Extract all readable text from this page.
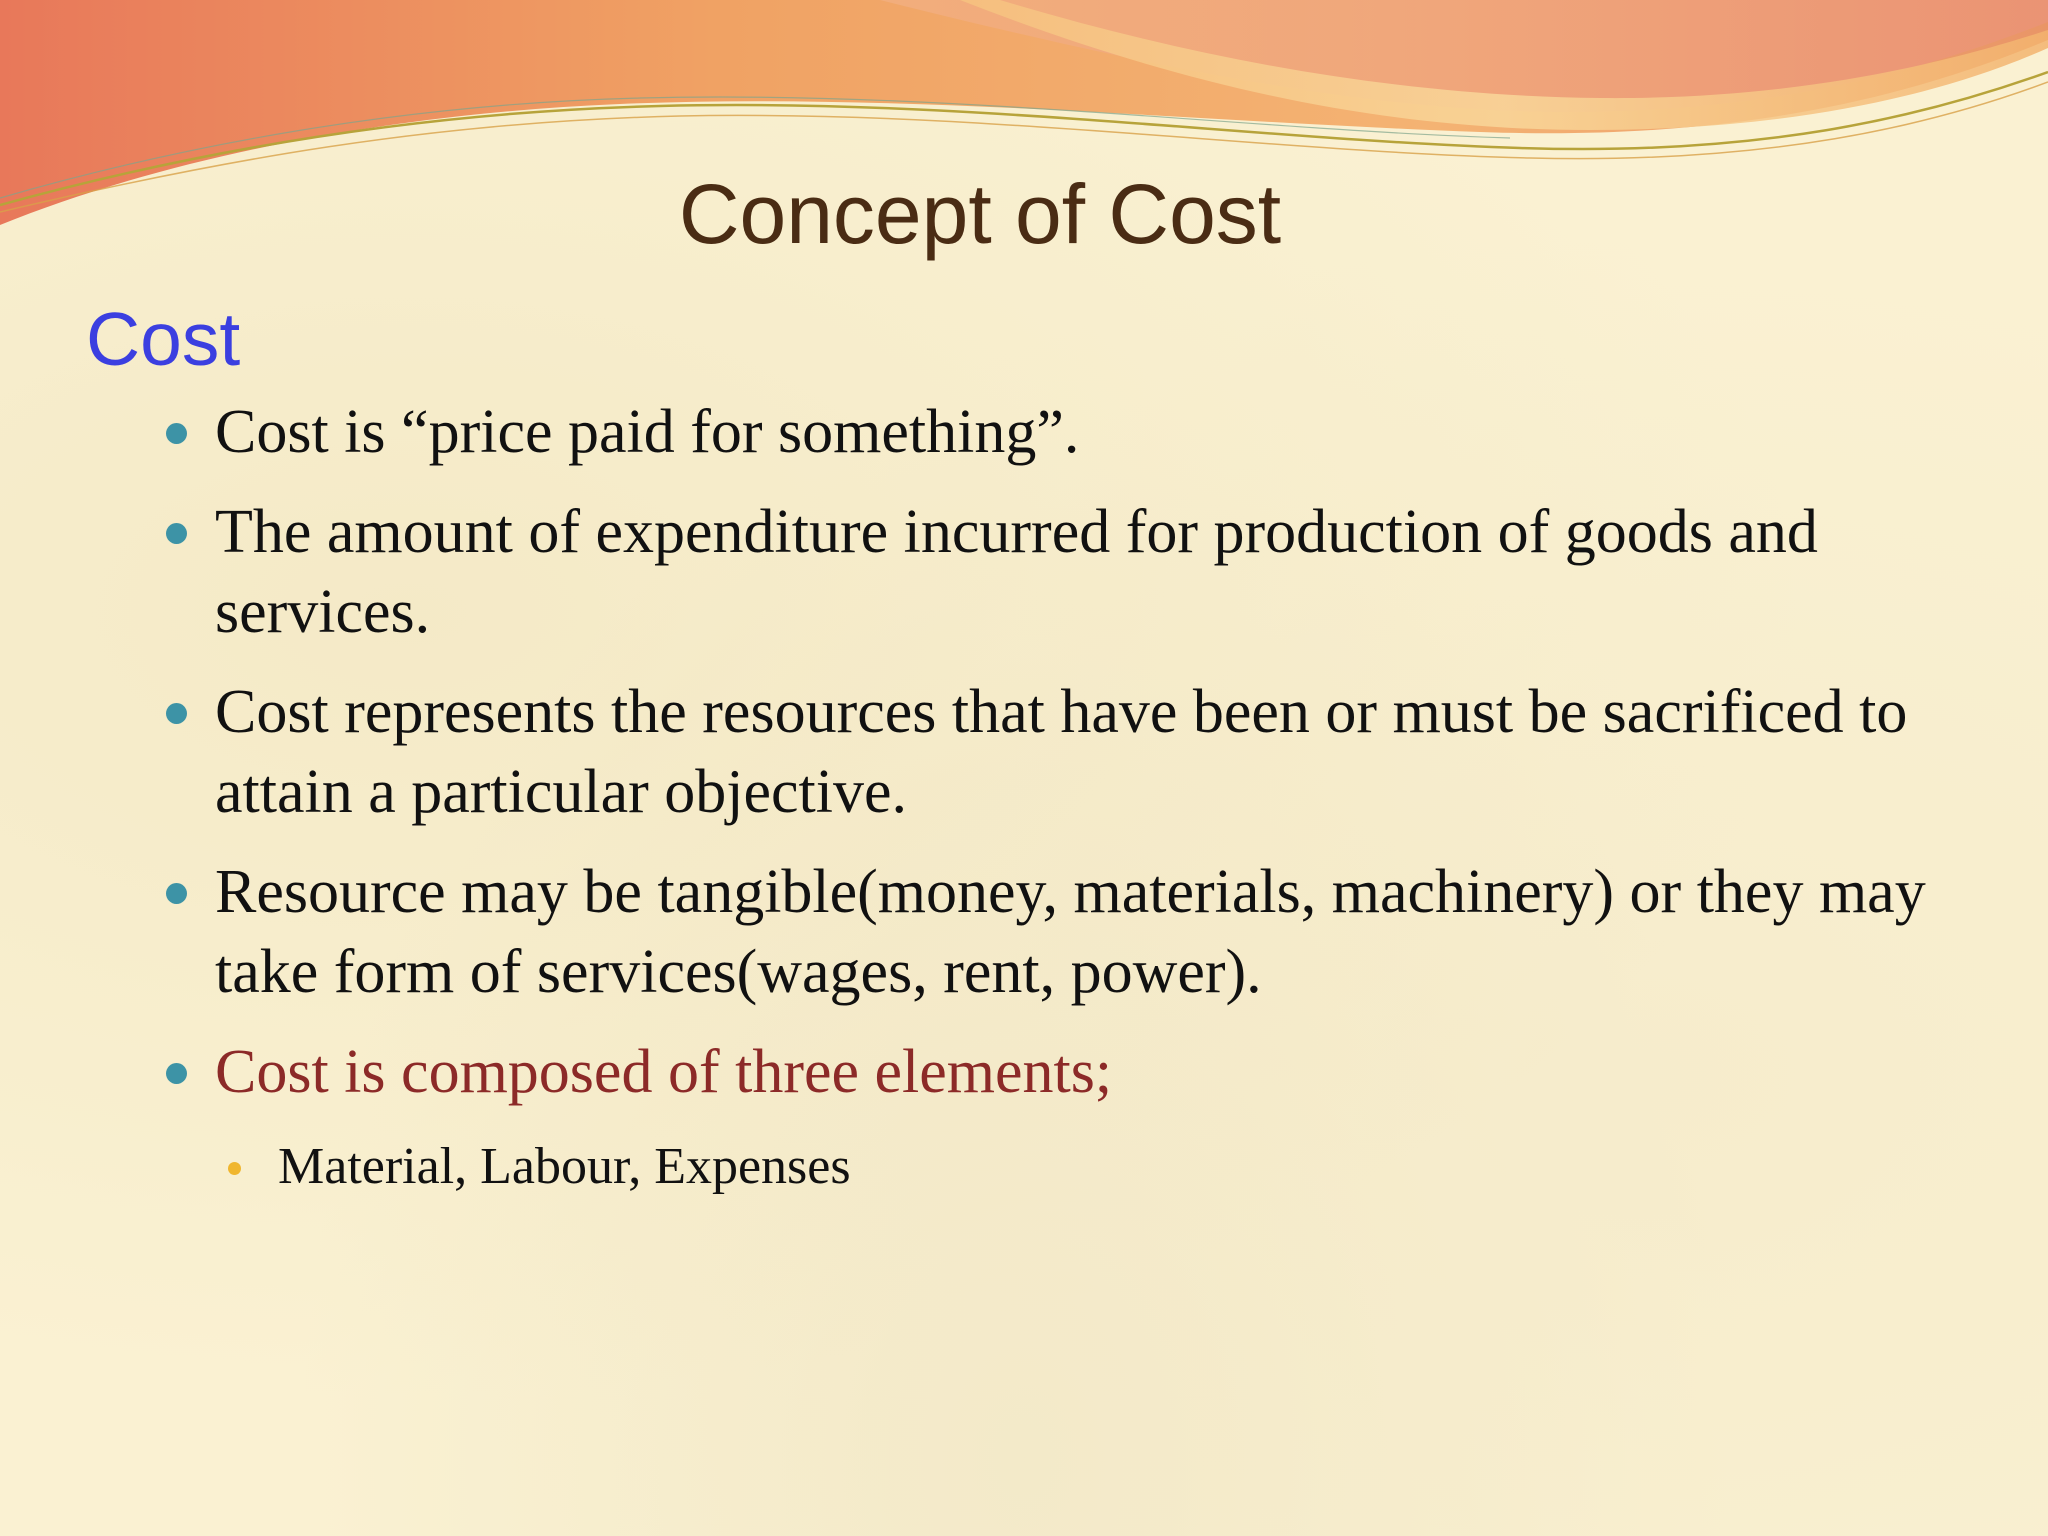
Concept of Cost
Cost
Cost is “price paid for something”.
The amount of expenditure incurred for production of goods and services.
Cost represents the resources that have been or must be sacrificed to attain a particular objective.
Resource may be tangible(money, materials, machinery) or they may take form of services(wages, rent, power).
Cost is composed of three elements;
Material, Labour, Expenses
